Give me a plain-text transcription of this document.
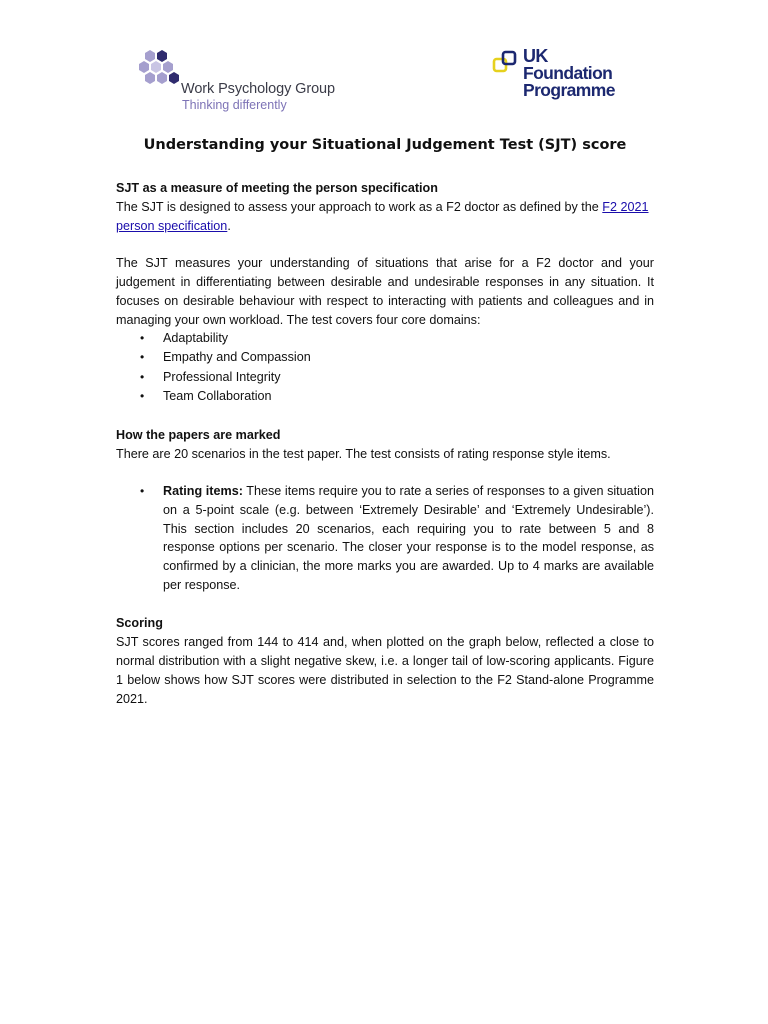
Work Psychology Group
Thinking differently
UK
Foundation
Programme
Understanding your Situational Judgement Test (SJT) score
SJT as a measure of meeting the person specification
The SJT is designed to assess your approach to work as a F2 doctor as defined by the F2 2021
person specification.
The SJT measures your understanding of situations that arise for a F2 doctor and your judgement in differentiating between desirable and undesirable responses in any situation. It focuses on desirable behaviour with respect to interacting with patients and colleagues and in managing your own workload. The test covers four core domains:
• Adaptability
• Empathy and Compassion
• Professional Integrity
• Team Collaboration
How the papers are marked
There are 20 scenarios in the test paper. The test consists of rating response style items.
• Rating items: These items require you to rate a series of responses to a given situation on a 5-point scale (e.g. between ‘Extremely Desirable’ and ‘Extremely Undesirable’). This section includes 20 scenarios, each requiring you to rate between 5 and 8 response options per scenario. The closer your response is to the model response, as confirmed by a clinician, the more marks you are awarded. Up to 4 marks are available per response.
Scoring
SJT scores ranged from 144 to 414 and, when plotted on the graph below, reflected a close to normal distribution with a slight negative skew, i.e. a longer tail of low-scoring applicants. Figure 1 below shows how SJT scores were distributed in selection to the F2 Stand-alone Programme 2021.
